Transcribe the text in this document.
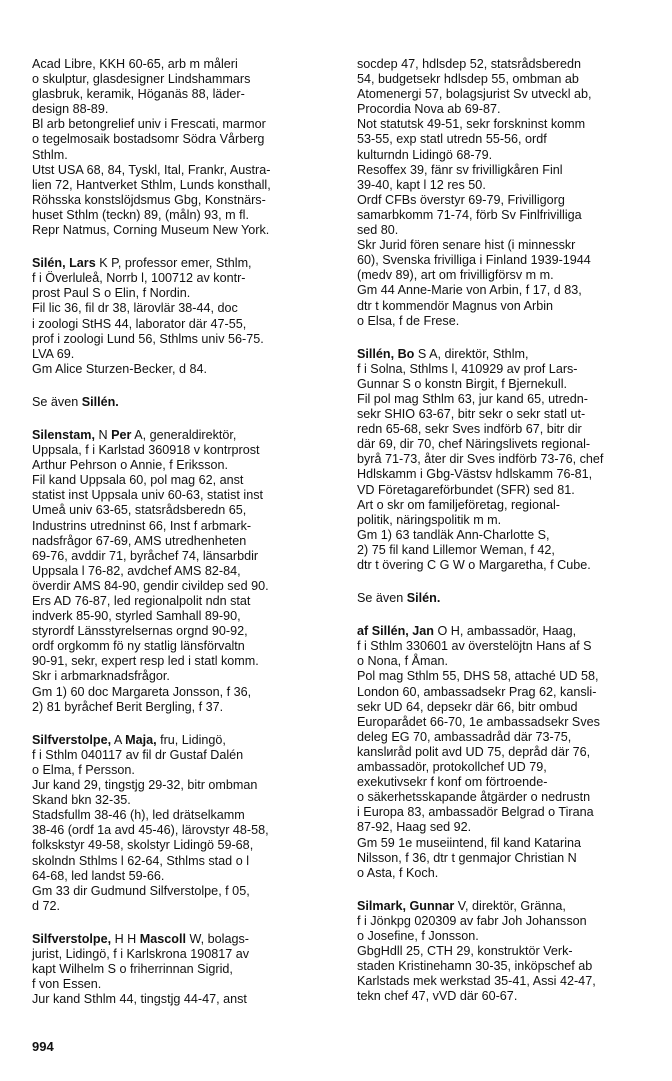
Acad Libre, KKH 60-65, arb m måleri
o skulptur, glasdesigner Lindshammars
glasbruk, keramik, Höganäs 88, läder-
design 88-89.
Bl arb betongrelief univ i Frescati, marmor
o tegelmosaik bostadsomr Södra Vårberg
Sthlm.
Utst USA 68, 84, Tyskl, Ital, Frankr, Austra-
lien 72, Hantverket Sthlm, Lunds konsthall,
Röhsska konstslöjdsmus Gbg, Konstnärs-
huset Sthlm (teckn) 89, (måln) 93, m fl.
Repr Natmus, Corning Museum New York.
Silén, Lars K P, professor emer, Sthlm,
f i Överluleå, Norrb l, 100712 av kontr-
prost Paul S o Elin, f Nordin.
Fil lic 36, fil dr 38, lärovlär 38-44, doc
i zoologi StHS 44, laborator där 47-55,
prof i zoologi Lund 56, Sthlms univ 56-75.
LVA 69.
Gm Alice Sturzen-Becker, d 84.
Se även Sillén.
Silenstam, N Per A, generaldirektör,
Uppsala, f i Karlstad 360918 v kontrprost
Arthur Pehrson o Annie, f Eriksson.
Fil kand Uppsala 60, pol mag 62, anst
statist inst Uppsala univ 60-63, statist inst
Umeå univ 63-65, statsrådsberedn 65,
Industrins utredninst 66, Inst f arbmark-
nadsfrågor 67-69, AMS utredhenheten
69-76, avddir 71, byråchef 74, länsarbdir
Uppsala l 76-82, avdchef AMS 82-84,
överdir AMS 84-90, gendir civildep sed 90.
Ers AD 76-87, led regionalpolit ndn stat
indverk 85-90, styrled Samhall 89-90,
styrordf Länsstyrelsernas orgnd 90-92,
ordf orgkomm fö ny statlig länsförvaltn
90-91, sekr, expert resp led i statl komm.
Skr i arbmarknadsfrågor.
Gm 1) 60 doc Margareta Jonsson, f 36,
2) 81 byråchef Berit Bergling, f 37.
Silfverstolpe, A Maja, fru, Lidingö,
f i Sthlm 040117 av fil dr Gustaf Dalén
o Elma, f Persson.
Jur kand 29, tingstjg 29-32, bitr ombman
Skand bkn 32-35.
Stadsfullm 38-46 (h), led drätselkamm
38-46 (ordf 1a avd 45-46), lärovstyr 48-58,
folkskstyr 49-58, skolstyr Lidingö 59-68,
skolndn Sthlms l 62-64, Sthlms stad o l
64-68, led landst 59-66.
Gm 33 dir Gudmund Silfverstolpe, f 05,
d 72.
Silfverstolpe, H H Mascoll W, bolags-
jurist, Lidingö, f i Karlskrona 190817 av
kapt Wilhelm S o friherrinnan Sigrid,
f von Essen.
Jur kand Sthlm 44, tingstjg 44-47, anst
socdep 47, hdlsdep 52, statsrådsberedn
54, budgetsekr hdlsdep 55, ombman ab
Atomenergi 57, bolagsjurist Sv utveckl ab,
Procordia Nova ab 69-87.
Not statutsk 49-51, sekr forskninst komm
53-55, exp statl utredn 55-56, ordf
kulturndn Lidingö 68-79.
Resoffex 39, fänr sv frivilligkåren Finl
39-40, kapt l 12 res 50.
Ordf CFBs överstyr 69-79, Frivilligorg
samarbkomm 71-74, förb Sv Finlfrivilliga
sed 80.
Skr Jurid fören senare hist (i minnesskr
60), Svenska frivilliga i Finland 1939-1944
(medv 89), art om frivilligförsv m m.
Gm 44 Anne-Marie von Arbin, f 17, d 83,
dtr t kommendör Magnus von Arbin
o Elsa, f de Frese.
Sillén, Bo S A, direktör, Sthlm,
f i Solna, Sthlms l, 410929 av prof Lars-
Gunnar S o konstn Birgit, f Bjernekull.
Fil pol mag Sthlm 63, jur kand 65, utredn-
sekr SHIO 63-67, bitr sekr o sekr statl ut-
redn 65-68, sekr Sves indförb 67, bitr dir
där 69, dir 70, chef Näringslivets regional-
byrå 71-73, åter dir Sves indförb 73-76, chef
Hdlskamm i Gbg-Västsv hdlskamm 76-81,
VD Företagareförbundet (SFR) sed 81.
Art o skr om familjeföretag, regional-
politik, näringspolitik m m.
Gm 1) 63 tandläk Ann-Charlotte S,
2) 75 fil kand Lillemor Weman, f 42,
dtr t övering C G W o Margaretha, f Cube.
Se även Silén.
af Sillén, Jan O H, ambassadör, Haag,
f i Sthlm 330601 av överstelöjtn Hans af S
o Nona, f Åman.
Pol mag Sthlm 55, DHS 58, attaché UD 58,
London 60, ambassadsekr Prag 62, kansli-
sekr UD 64, depsekr där 66, bitr ombud
Europarådet 66-70, 1e ambassadsekr Sves
deleg EG 70, ambassadråd där 73-75,
kanslиråd polit avd UD 75, depråd där 76,
ambassadör, protokollchef UD 79,
exekutivsekr f konf om förtroende-
o säkerhetsskapande åtgärder o nedrustn
i Europa 83, ambassadör Belgrad o Tirana
87-92, Haag sed 92.
Gm 59 1e museiintend, fil kand Katarina
Nilsson, f 36, dtr t genmajor Christian N
o Asta, f Koch.
Silmark, Gunnar V, direktör, Gränna,
f i Jönkpg 020309 av fabr Joh Johansson
o Josefine, f Jonsson.
GbgHdll 25, CTH 29, konstruktör Verk-
staden Kristinehamn 30-35, inköpschef ab
Karlstads mek werkstad 35-41, Assi 42-47,
tekn chef 47, vVD där 60-67.
994
